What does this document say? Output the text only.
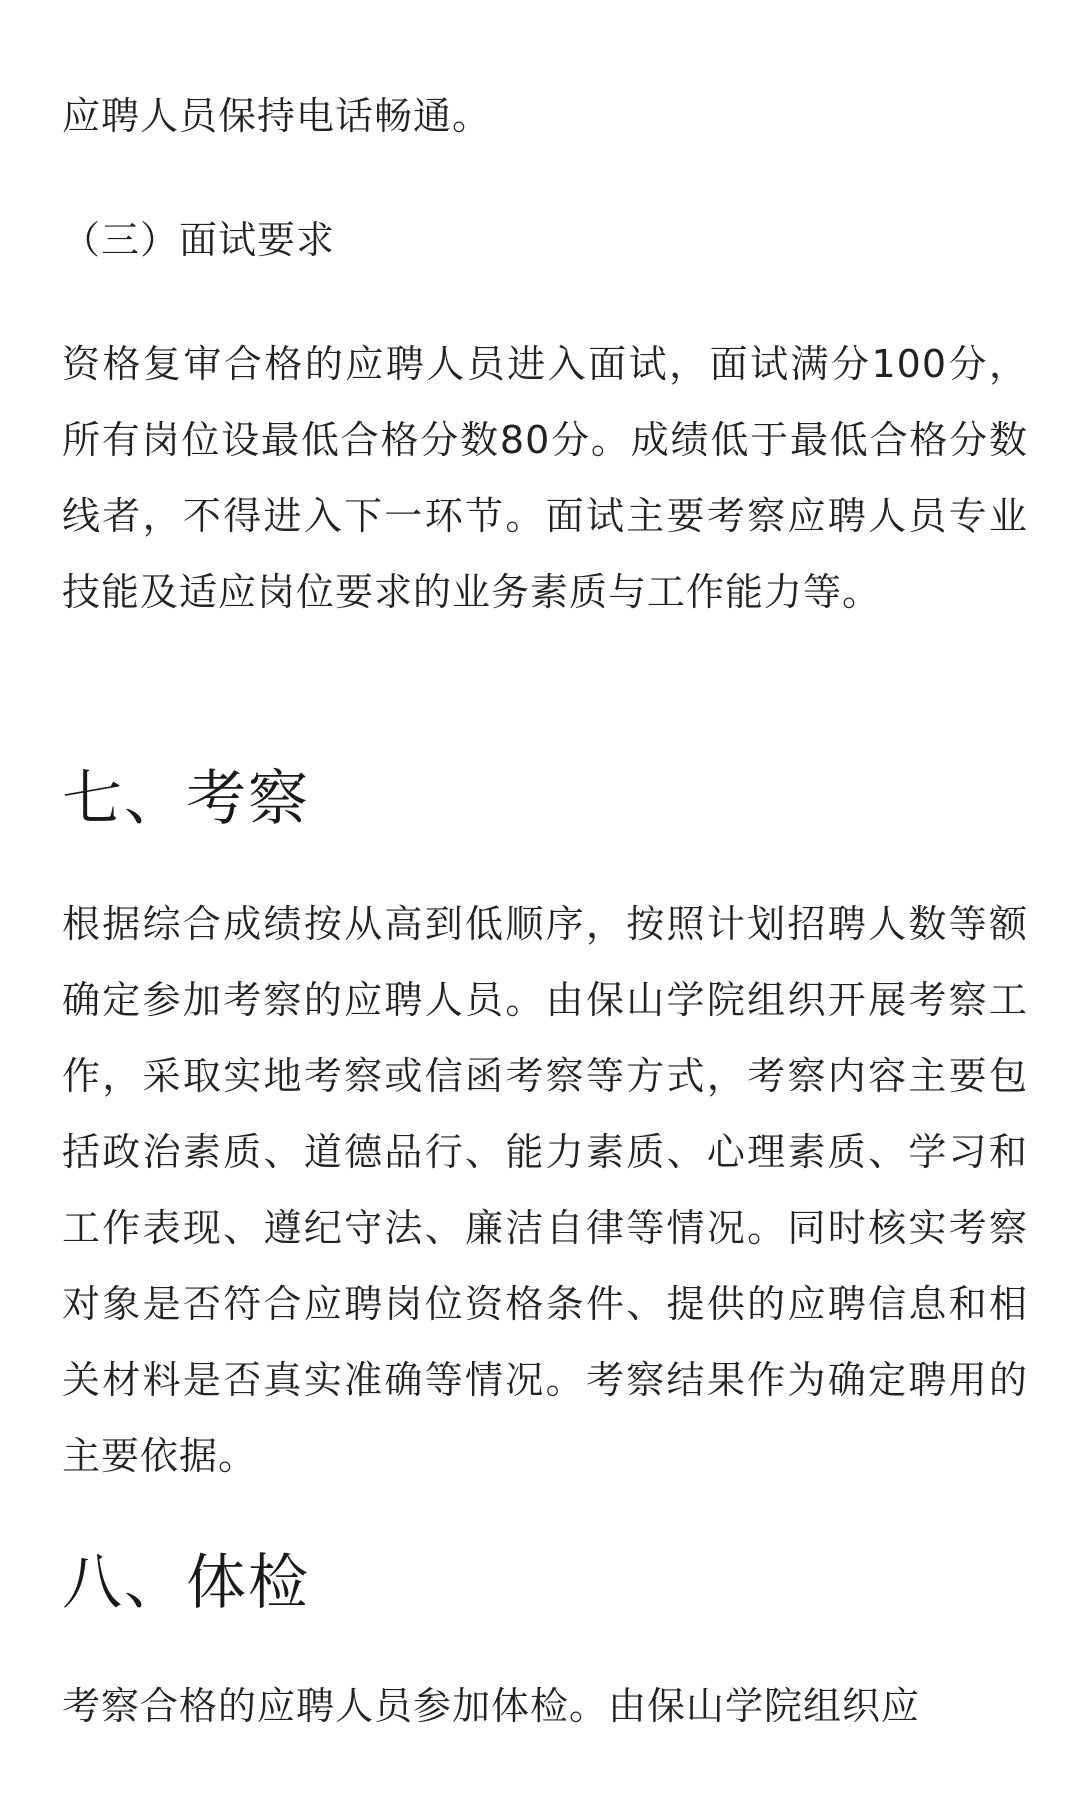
应聘人员保持电话畅通。

（三）面试要求

资格复审合格的应聘人员进入面试，面试满分100分，所有岗位设最低合格分数80分。成绩低于最低合格分数线者，不得进入下一环节。面试主要考察应聘人员专业技能及适应岗位要求的业务素质与工作能力等。

七、考察

根据综合成绩按从高到低顺序，按照计划招聘人数等额确定参加考察的应聘人员。由保山学院组织开展考察工作，采取实地考察或信函考察等方式，考察内容主要包括政治素质、道德品行、能力素质、心理素质、学习和工作表现、遵纪守法、廉洁自律等情况。同时核实考察对象是否符合应聘岗位资格条件、提供的应聘信息和相关材料是否真实准确等情况。考察结果作为确定聘用的主要依据。

八、体检

考察合格的应聘人员参加体检。由保山学院组织应
